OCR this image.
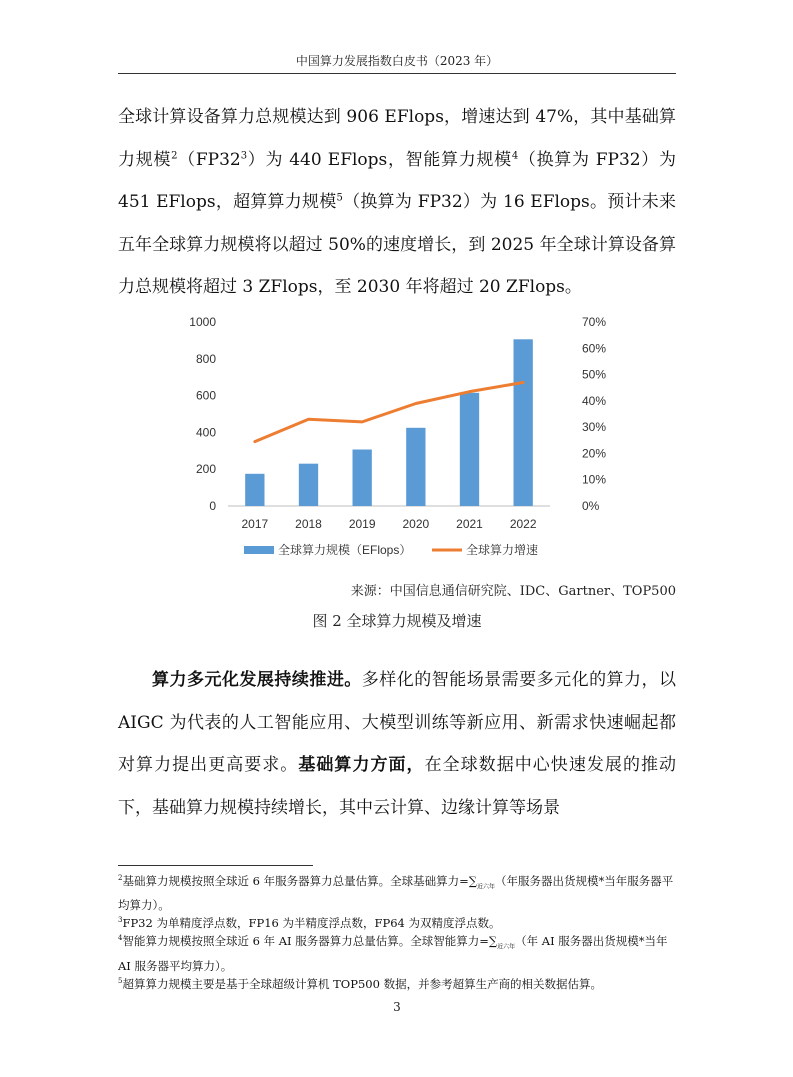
中国算力发展指数白皮书（2023 年）

全球计算设备算力总规模达到 906 EFlops，增速达到 47%，其中基础算力规模$^2(FP32^3)$为 440 EFlops，智能算力规模$^4$（换算为 FP32）为 451 EFlops，超算算力规模$^5$（换算为 FP32）为 16 EFlops。预计未来五年全球算力规模将以超过 50%的速度增长，到 2025 年全球计算设备算力总规模将超过 3 ZFlops，至 2030 年将超过 20 ZFlops。

0
200
400
600
800
1000
0%
10%
20%
30%
40%
50%
60%
70%
2017 2018 2019 2020 2021 2022
全球算力规模（EFlops）	全球算力增速
来源：中国信息通信研究院、IDC、Gartner、TOP500
图 2 全球算力规模及增速

算力多元化发展持续推进。多样化的智能场景需要多元化的算力，以 AIGC 为代表的人工智能应用、大模型训练等新应用、新需求快速崛起都对算力提出更高要求。基础算力方面，在全球数据中心快速发展的推动下，基础算力规模持续增长，其中云计算、边缘计算等场景

$^2$基础算力规模按照全球近 6 年服务器算力总量估算。全球基础算力$=\sum_{近六年}$（年服务器出货规模*当年服务器平均算力）。

$^3$FP32 为单精度浮点数，FP16 为半精度浮点数，FP64 为双精度浮点数。

$^4$智能算力规模按照全球近 6 年 AI 服务器算力总量估算。全球智能算力$=\sum_{近六年}$（年 AI 服务器出货规模*当年 AI 服务器平均算力）。

$^5$超算算力规模主要是基于全球超级计算机 TOP500 数据，并参考超算生产商的相关数据估算。

3
